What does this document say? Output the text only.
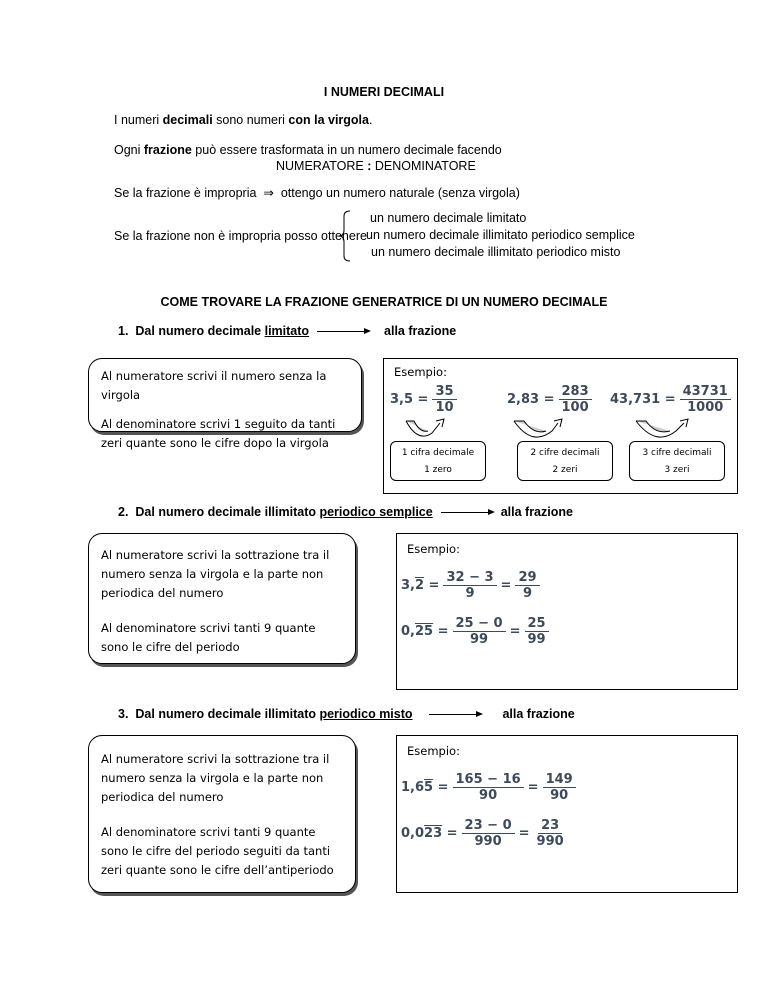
I NUMERI DECIMALI
I numeri decimali sono numeri con la virgola.
Ogni frazione può essere trasformata in un numero decimale facendo
NUMERATORE : DENOMINATORE
Se la frazione è impropria ⇒ ottengo un numero naturale (senza virgola)
Se la frazione non è impropria posso ottenere
un numero decimale limitato
un numero decimale illimitato periodico semplice
un numero decimale illimitato periodico misto
COME TROVARE LA FRAZIONE GENERATRICE DI UN NUMERO DECIMALE
1. Dal numero decimale limitato	alla frazione

Al numeratore scrivi il numero senza la virgola

Al denominatore scrivi 1 seguito da tanti zeri quante sono le cifre dopo la virgola

Esempio:
$3,5 = \frac{35}{10}$	$2,83 = \frac{283}{100} 43,731 = \frac{43731}{1000}$
1 cifra decimale
1 zero
2 cifre decimali
2 zeri
3 cifre decimali
3 zeri
2. Dal numero decimale illimitato periodico semplice	alla frazione

Al numeratore scrivi la sottrazione tra il numero senza la virgola e la parte non periodica del numero

Al denominatore scrivi tanti 9 quante sono le cifre del periodo

Esempio:
3, $2 = \frac{32 - 3}{9} = \frac{29}{9}$
0, $25 = \frac{25 - 0}{99} = \frac{25}{99}$
3. Dal numero decimale illimitato periodico misto	alla frazione

Al numeratore scrivi la sottrazione tra il numero senza la virgola e la parte non periodica del numero

Al denominatore scrivi tanti 9 quante sono le cifre del periodo seguiti da tanti zeri quante sono le cifre dell’antiperiodo

Esempio:
1,6 $5 = \frac{165 - 16}{90} = \frac{149}{90}$
0,0 $23 = \frac{23 - 0}{990} = \frac{23}{990}$
